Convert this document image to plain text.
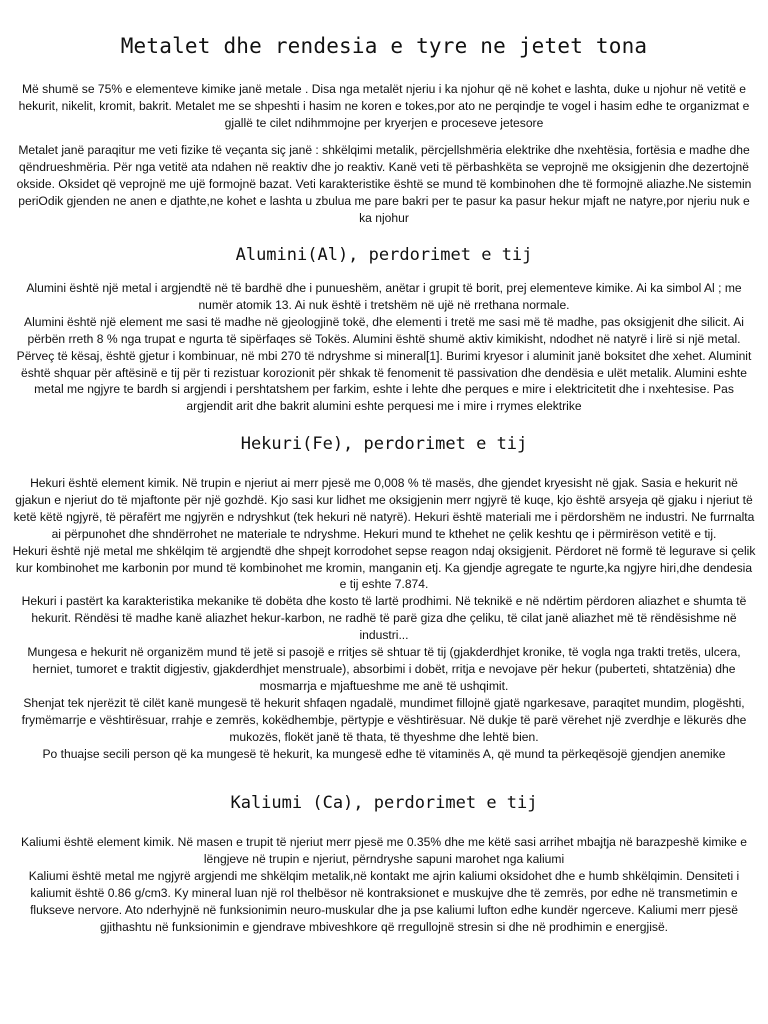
Metalet dhe rendesia e tyre ne jetet tona

Më shumë se 75% e elementeve kimike janë metale . Disa nga metalët njeriu i ka njohur që në kohet e lashta, duke u njohur në vetitë e hekurit, nikelit, kromit, bakrit. Metalet me se shpeshti i hasim ne koren e tokes,por ato ne perqindje te vogel i hasim edhe te organizmat e gjallë te cilet ndihmmojne per kryerjen e proceseve jetesore

Metalet janë paraqitur me veti fizike të veçanta siç janë : shkëlqimi metalik, përcjellshmëria elektrike dhe nxehtësia, fortësia e madhe dhe qëndrueshmëria. Për nga vetitë ata ndahen në reaktiv dhe jo reaktiv. Kanë veti të përbashkëta se veprojnë me oksigjenin dhe dezertojnë okside. Oksidet që veprojnë me ujë formojnë bazat. Veti karakteristike është se mund të kombinohen dhe të formojnë aliazhe.Ne sistemin periOdik gjenden ne anen e djathte,ne kohet e lashta u zbulua me pare bakri per te pasur ka pasur hekur mjaft ne natyre,por njeriu nuk e ka njohur

Alumini(Al), perdorimet e tij

Alumini është një metal i argjendtë në të bardhë dhe i punueshëm, anëtar i grupit të borit, prej elementeve kimike. Ai ka simbol Al ; me numër atomik 13. Ai nuk është i tretshëm në ujë në rrethana normale.
Alumini është një element me sasi të madhe në gjeologjinë tokë, dhe elementi i tretë me sasi më të madhe, pas oksigjenit dhe silicit. Ai përbën rreth 8 % nga trupat e ngurta të sipërfaqes së Tokës. Alumini është shumë aktiv kimikisht, ndodhet në natyrë i lirë si një metal. Përveç të kësaj, është gjetur i kombinuar, në mbi 270 të ndryshme si mineral[1]. Burimi kryesor i aluminit janë boksitet dhe xehet. Aluminit është shquar për aftësinë e tij për ti rezistuar korozionit për shkak të fenomenit të passivation dhe dendësia e ulët metalik. Alumini eshte metal me ngjyre te bardh si argjendi i pershtatshem per farkim, eshte i lehte dhe perques e mire i elektricitetit dhe i nxehtesise. Pas argjendit arit dhe bakrit alumini eshte perquesi me i mire i rrymes elektrike

Hekuri(Fe), perdorimet e tij

Hekuri është element kimik. Në trupin e njeriut ai merr pjesë me 0,008 % të masës, dhe gjendet kryesisht në gjak. Sasia e hekurit në gjakun e njeriut do të mjaftonte për një gozhdë. Kjo sasi kur lidhet me oksigjenin merr ngjyrë të kuqe, kjo është arsyeja që gjaku i njeriut të ketë këtë ngjyrë, të përafërt me ngjyrën e ndryshkut (tek hekuri në natyrë). Hekuri është materiali me i përdorshëm ne industri. Ne furrnalta ai përpunohet dhe shndërrohet ne materiale te ndryshme. Hekuri mund te kthehet ne çelik keshtu qe i përmirëson vetitë e tij.
Hekuri është një metal me shkëlqim të argjendtë dhe shpejt korrodohet sepse reagon ndaj oksigjenit. Përdoret në formë të legurave si çelik kur kombinohet me karbonin por mund të kombinohet me kromin, manganin etj. Ka gjendje agregate te ngurte,ka ngjyre hiri,dhe dendesia e tij eshte 7.874.
Hekuri i pastërt ka karakteristika mekanike të dobëta dhe kosto të lartë prodhimi. Në teknikë e në ndërtim përdoren aliazhet e shumta të hekurit. Rëndësi të madhe kanë aliazhet hekur-karbon, ne radhë të parë giza dhe çeliku, të cilat janë aliazhet më të rëndësishme në industri...
Mungesa e hekurit në organizëm mund të jetë si pasojë e rritjes së shtuar të tij (gjakderdhjet kronike, të vogla nga trakti tretës, ulcera, herniet, tumoret e traktit digjestiv, gjakderdhjet menstruale), absorbimi i dobët, rritja e nevojave për hekur (puberteti, shtatzënia) dhe mosmarrja e mjaftueshme me anë të ushqimit.
Shenjat tek njerëzit të cilët kanë mungesë të hekurit shfaqen ngadalë, mundimet fillojnë gjatë ngarkesave, paraqitet mundim, plogështi, frymëmarrje e vështirësuar, rrahje e zemrës, kokëdhembje, përtypje e vështirësuar. Në dukje të parë vërehet një zverdhje e lëkurës dhe mukozës, flokët janë të thata, të thyeshme dhe lehtë bien.
Po thuajse secili person që ka mungesë të hekurit, ka mungesë edhe të vitaminës A, që mund ta përkeqësojë gjendjen anemike

Kaliumi (Ca), perdorimet e tij

Kaliumi është element kimik. Në masen e trupit të njeriut merr pjesë me 0.35% dhe me këtë sasi arrihet mbajtja në barazpeshë kimike e lëngjeve në trupin e njeriut, përndryshe sapuni marohet nga kaliumi
Kaliumi është metal me ngjyrë argjendi me shkëlqim metalik,në kontakt me ajrin kaliumi oksidohet dhe e humb shkëlqimin. Densiteti i kaliumit është 0.86 g/cm3. Ky mineral luan një rol thelbësor në kontraksionet e muskujve dhe të zemrës, por edhe në transmetimin e flukseve nervore. Ato nderhyjnë në funksionimin neuro-muskular dhe ja pse kaliumi lufton edhe kundër ngerceve. Kaliumi merr pjesë gjithashtu në funksionimin e gjendrave mbiveshkore që rregullojnë stresin si dhe në prodhimin e energjisë.
